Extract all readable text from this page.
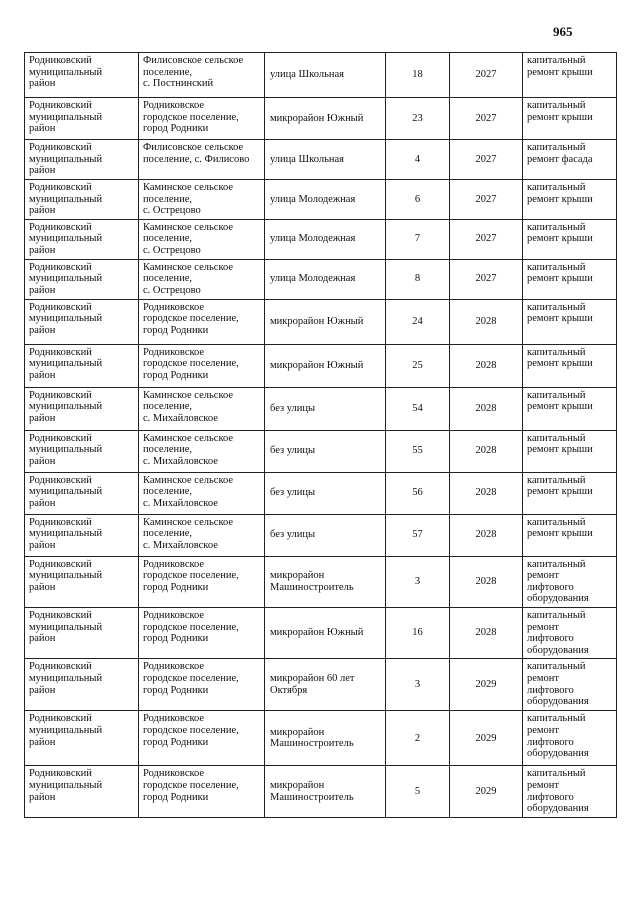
965
Родниковский
муниципальный
район	Филисовское сельское
поселение,
с. Постнинский	улица Школьная	18	2027	капитальный
ремонт крыши
Родниковский
муниципальный
район	Родниковское
городское поселение,
город Родники	микрорайон Южный	23	2027	капитальный
ремонт крыши
Родниковский
муниципальный
район	Филисовское сельское
поселение, с. Филисово	улица Школьная	4	2027	капитальный
ремонт фасада
Родниковский
муниципальный
район	Каминское сельское
поселение,
с. Острецово	улица Молодежная	6	2027	капитальный
ремонт крыши
Родниковский
муниципальный
район	Каминское сельское
поселение,
с. Острецово	улица Молодежная	7	2027	капитальный
ремонт крыши
Родниковский
муниципальный
район	Каминское сельское
поселение,
с. Острецово	улица Молодежная	8	2027	капитальный
ремонт крыши
Родниковский
муниципальный
район	Родниковское
городское поселение,
город Родники	микрорайон Южный	24	2028	капитальный
ремонт крыши
Родниковский
муниципальный
район	Родниковское
городское поселение,
город Родники	микрорайон Южный	25	2028	капитальный
ремонт крыши
Родниковский
муниципальный
район	Каминское сельское
поселение,
с. Михайловское	без улицы	54	2028	капитальный
ремонт крыши
Родниковский
муниципальный
район	Каминское сельское
поселение,
с. Михайловское	без улицы	55	2028	капитальный
ремонт крыши
Родниковский
муниципальный
район	Каминское сельское
поселение,
с. Михайловское	без улицы	56	2028	капитальный
ремонт крыши
Родниковский
муниципальный
район	Каминское сельское
поселение,
с. Михайловское	без улицы	57	2028	капитальный
ремонт крыши
Родниковский
муниципальный
район	Родниковское
городское поселение,
город Родники	микрорайон
Машиностроитель	3	2028	капитальный
ремонт
лифтового
оборудования
Родниковский
муниципальный
район	Родниковское
городское поселение,
город Родники	микрорайон Южный	16	2028	капитальный
ремонт
лифтового
оборудования
Родниковский
муниципальный
район	Родниковское
городское поселение,
город Родники	микрорайон 60 лет
Октября	3	2029	капитальный
ремонт
лифтового
оборудования
Родниковский
муниципальный
район	Родниковское
городское поселение,
город Родники	микрорайон
Машиностроитель	2	2029	капитальный
ремонт
лифтового
оборудования
Родниковский
муниципальный
район	Родниковское
городское поселение,
город Родники	микрорайон
Машиностроитель	5	2029	капитальный
ремонт
лифтового
оборудования
